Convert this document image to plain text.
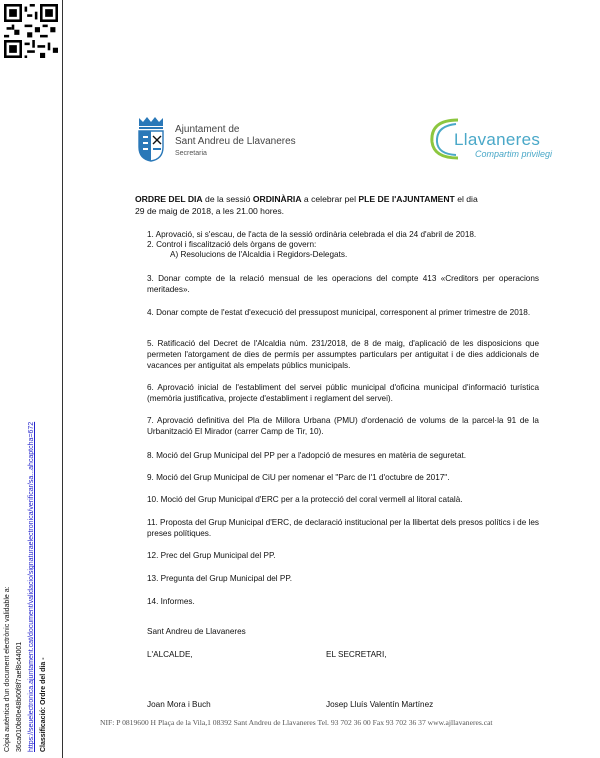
Còpia autèntica d'un document electrònic validable a: 36ca010b80e48b60f8f7aef8c44001 https://seuelectronica.ajuntament.cat/document/validacio/signaturaelectronica/verificar/sa...ahcaptcha=672 Classificació: Ordre del dia -
Ajuntament de
Sant Andreu de Llavaneres
Secretaria
Llavaneres
Compartim privilegi
ORDRE DEL DIA de la sessió ORDINÀRIA a celebrar pel PLE DE l'AJUNTAMENT el dia
29 de maig de 2018, a les 21.00 hores.
1. Aprovació, si s'escau, de l'acta de la sessió ordinària celebrada el dia 24 d'abril de 2018.
2. Control i fiscalització dels òrgans de govern:
A) Resolucions de l'Alcaldia i Regidors-Delegats.
3. Donar compte de la relació mensual de les operacions del compte 413 «Creditors per operacions meritades».
4. Donar compte de l'estat d'execució del pressupost municipal, corresponent al primer trimestre de 2018.
5. Ratificació del Decret de l'Alcaldia núm. 231/2018, de 8 de maig, d'aplicació de les disposicions que permeten l'atorgament de dies de permís per assumptes particulars per antiguitat i de dies addicionals de vacances per antiguitat als empelats públics municipals.
6. Aprovació inicial de l'establiment del servei públic municipal d'oficina municipal d'informació turística (memòria justificativa, projecte d'establiment i reglament del servei).
7. Aprovació definitiva del Pla de Millora Urbana (PMU) d'ordenació de volums de la parcel·la 91 de la Urbanització El Mirador (carrer Camp de Tir, 10).
8. Moció del Grup Municipal del PP per a l'adopció de mesures en matèria de seguretat.
9. Moció del Grup Municipal de CiU per nomenar el "Parc de l'1 d'octubre de 2017".
10. Moció del Grup Municipal d'ERC per a la protecció del coral vermell al litoral català.
11. Proposta del Grup Municipal d'ERC, de declaració institucional per la llibertat dels presos polítics i de les preses polítiques.
12. Prec del Grup Municipal del PP.
13. Pregunta del Grup Municipal del PP.
14. Informes.
Sant Andreu de Llavaneres
L'ALCALDE,	EL SECRETARI,
Joan Mora i Buch	Josep Lluís Valentín Martínez
NIF: P 0819600 H Plaça de la Vila,1 08392 Sant Andreu de Llavaneres Tel. 93 702 36 00 Fax 93 702 36 37 www.ajllavaneres.cat
